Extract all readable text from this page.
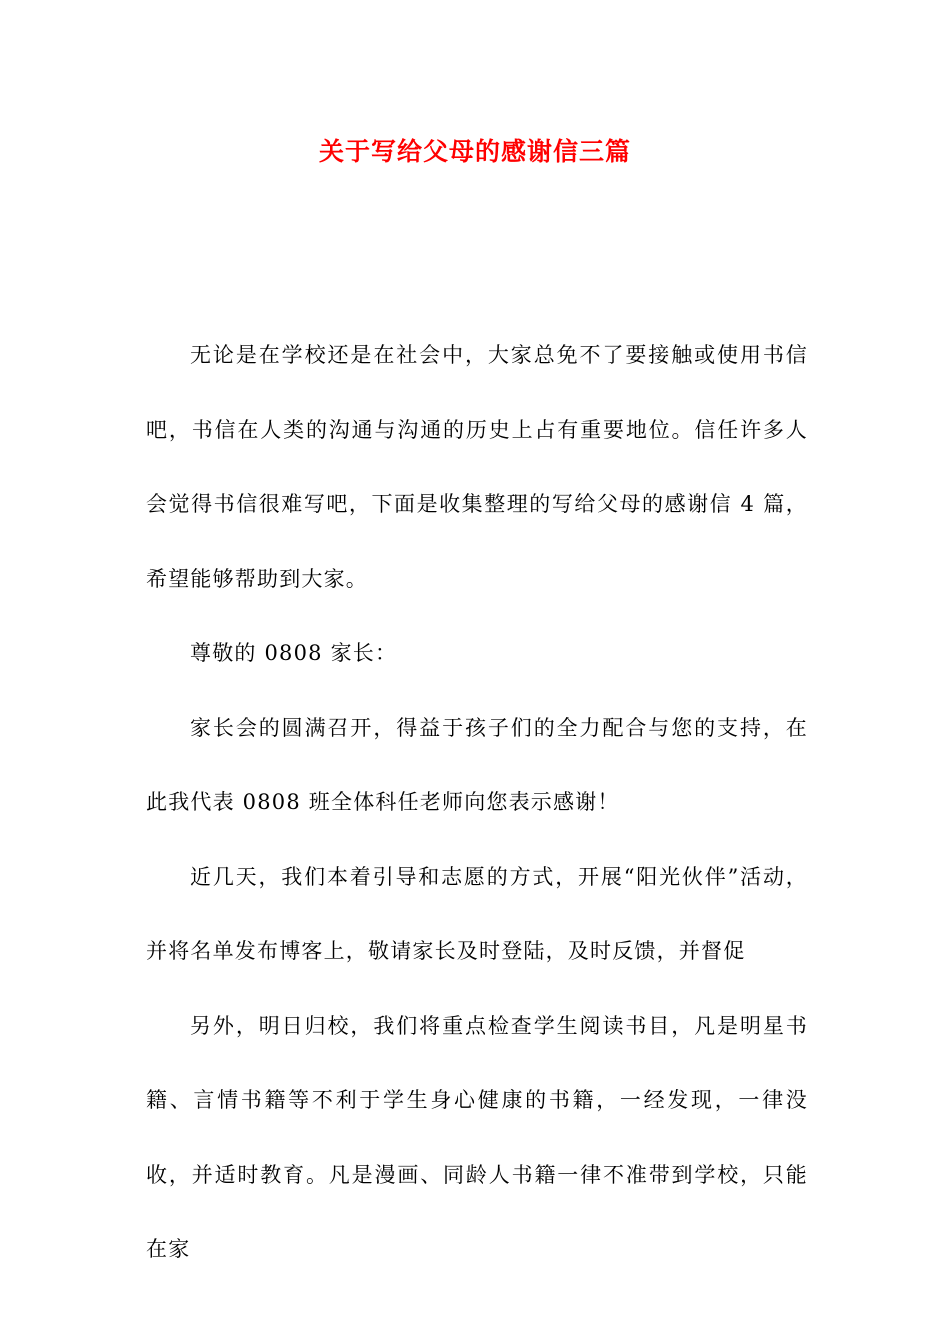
关于写给父母的感谢信三篇

无论是在学校还是在社会中，大家总免不了要接触或使用书信吧，书信在人类的沟通与沟通的历史上占有重要地位。信任许多人会觉得书信很难写吧，下面是收集整理的写给父母的感谢信 4 篇，希望能够帮助到大家。

尊敬的 0808 家长：

家长会的圆满召开，得益于孩子们的全力配合与您的支持，在此我代表 0808 班全体科任老师向您表示感谢！

近几天，我们本着引导和志愿的方式，开展“阳光伙伴”活动，并将名单发布博客上，敬请家长及时登陆，及时反馈，并督促

另外，明日归校，我们将重点检查学生阅读书目，凡是明星书籍、言情书籍等不利于学生身心健康的书籍，一经发现，一律没收，并适时教育。凡是漫画、同龄人书籍一律不准带到学校，只能在家
